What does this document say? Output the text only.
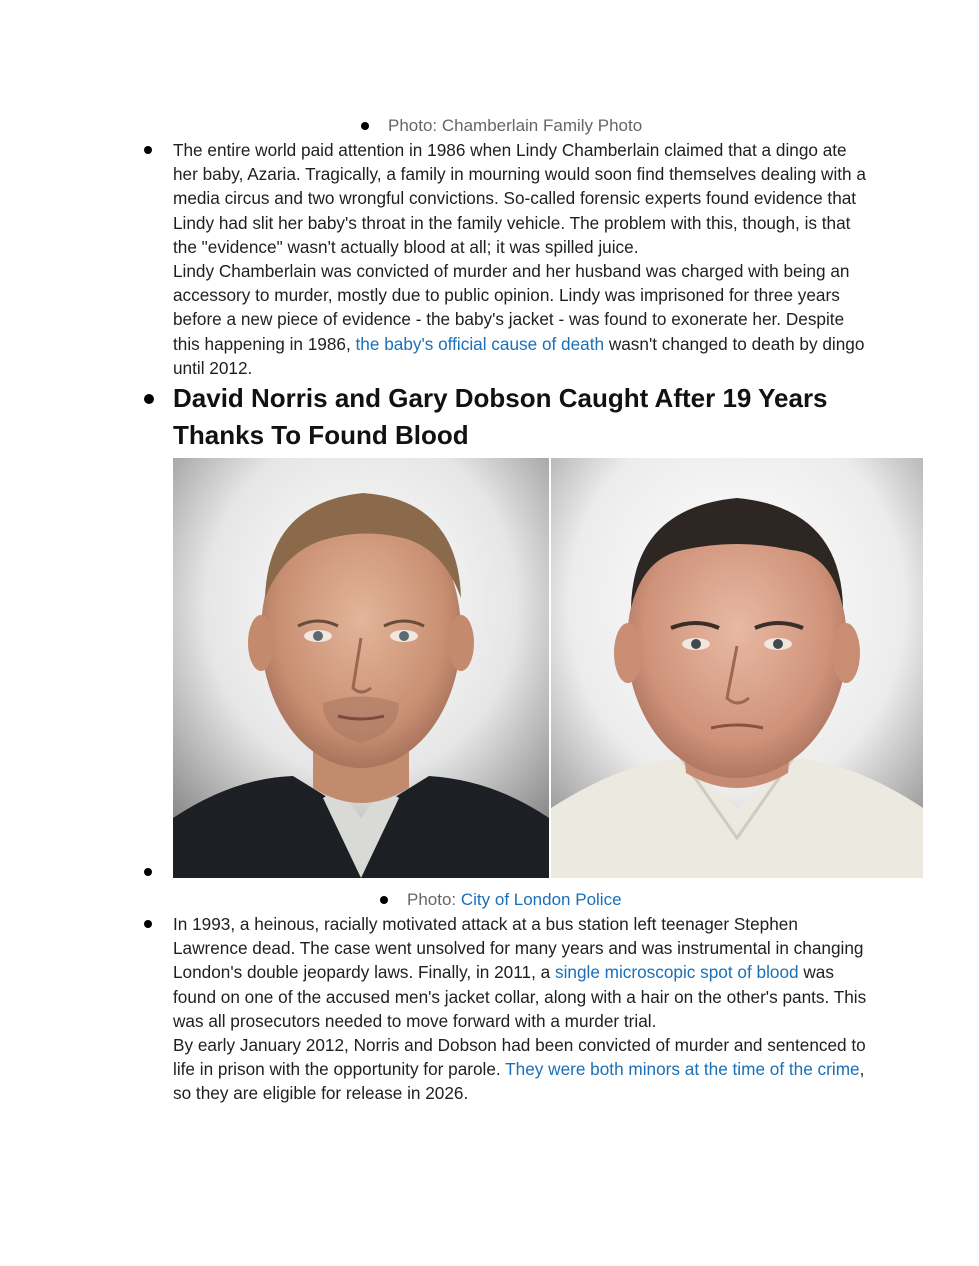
Photo: Chamberlain Family Photo

The entire world paid attention in 1986 when Lindy Chamberlain claimed that a dingo ate her baby, Azaria. Tragically, a family in mourning would soon find themselves dealing with a media circus and two wrongful convictions. So-called forensic experts found evidence that Lindy had slit her baby's throat in the family vehicle. The problem with this, though, is that the "evidence" wasn't actually blood at all; it was spilled juice.

Lindy Chamberlain was convicted of murder and her husband was charged with being an accessory to murder, mostly due to public opinion. Lindy was imprisoned for three years before a new piece of evidence - the baby's jacket - was found to exonerate her. Despite this happening in 1986, the baby's official cause of death wasn't changed to death by dingo until 2012.

David Norris and Gary Dobson Caught After 19 Years Thanks To Found Blood
Photo: City of London Police

In 1993, a heinous, racially motivated attack at a bus station left teenager Stephen Lawrence dead. The case went unsolved for many years and was instrumental in changing London's double jeopardy laws. Finally, in 2011, a single microscopic spot of blood was found on one of the accused men's jacket collar, along with a hair on the other's pants. This was all prosecutors needed to move forward with a murder trial.

By early January 2012, Norris and Dobson had been convicted of murder and sentenced to life in prison with the opportunity for parole. They were both minors at the time of the crime, so they are eligible for release in 2026.
